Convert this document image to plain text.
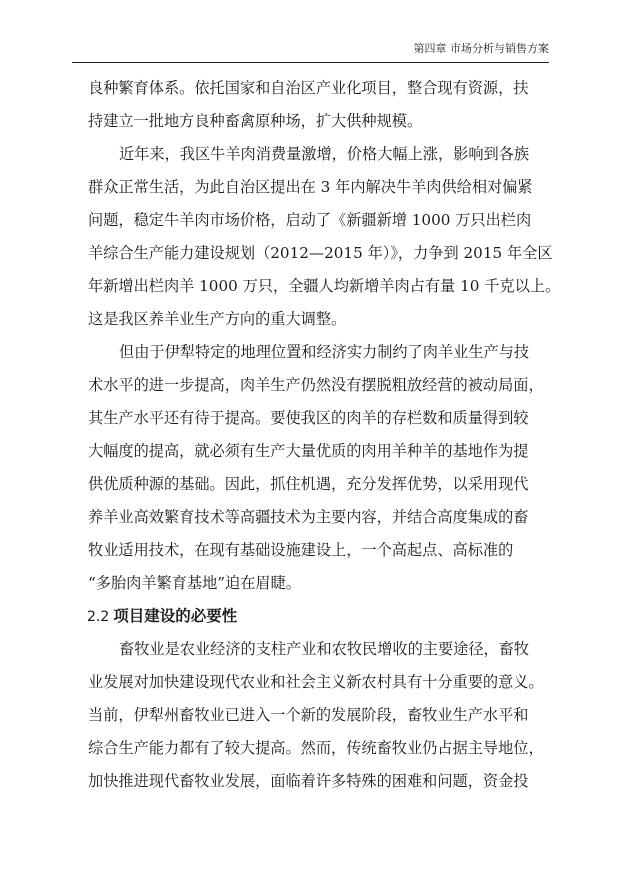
第四章 市场分析与销售方案
良种繁育体系。依托国家和自治区产业化项目，整合现有资源，扶
持建立一批地方良种畜禽原种场，扩大供种规模。
近年来，我区牛羊肉消费量激增，价格大幅上涨，影响到各族
群众正常生活，为此自治区提出在 3 年内解决牛羊肉供给相对偏紧
问题，稳定牛羊肉市场价格，启动了《新疆新增 1000 万只出栏肉
羊综合生产能力建设规划（2012—2015 年）》，力争到 2015 年全区
年新增出栏肉羊 1000 万只，全疆人均新增羊肉占有量 10 千克以上。
这是我区养羊业生产方向的重大调整。
但由于伊犁特定的地理位置和经济实力制约了肉羊业生产与技
术水平的进一步提高，肉羊生产仍然没有摆脱粗放经营的被动局面，
其生产水平还有待于提高。要使我区的肉羊的存栏数和质量得到较
大幅度的提高，就必须有生产大量优质的肉用羊种羊的基地作为提
供优质种源的基础。因此，抓住机遇，充分发挥优势，以采用现代
养羊业高效繁育技术等高疆技术为主要内容，并结合高度集成的畜
牧业适用技术，在现有基础设施建设上，一个高起点、高标准的
“多胎肉羊繁育基地”迫在眉睫。
2.2 项目建设的必要性
畜牧业是农业经济的支柱产业和农牧民增收的主要途径，畜牧
业发展对加快建设现代农业和社会主义新农村具有十分重要的意义。
当前，伊犁州畜牧业已进入一个新的发展阶段，畜牧业生产水平和
综合生产能力都有了较大提高。然而，传统畜牧业仍占据主导地位，
加快推进现代畜牧业发展，面临着许多特殊的困难和问题，资金投
